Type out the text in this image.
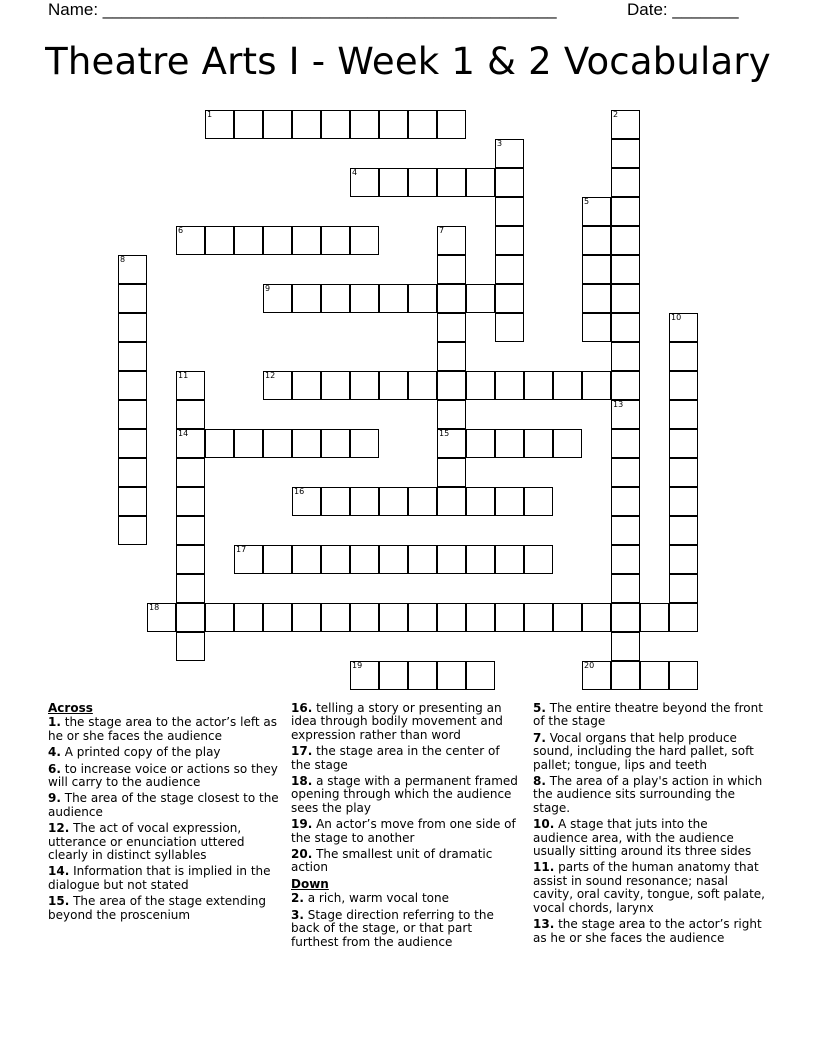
Name: ________________________________________________	Date: _______
Theatre Arts I - Week 1 & 2 Vocabulary
1	2
3
4
5
6	7
15
8
9
10
11
14
12
13
16
17
18
19	20
Across
1. the stage area to the actor’s left as he or she faces the audience
4. A printed copy of the play
6. to increase voice or actions so they will carry to the audience
9. The area of the stage closest to the audience
12. The act of vocal expression, utterance or enunciation uttered clearly in distinct syllables
14. Information that is implied in the dialogue but not stated
15. The area of the stage extending beyond the proscenium
16. telling a story or presenting an idea through bodily movement and expression rather than word
17. the stage area in the center of the stage
18. a stage with a permanent framed opening through which the audience sees the play
19. An actor’s move from one side of the stage to another
20. The smallest unit of dramatic action
Down
2. a rich, warm vocal tone
3. Stage direction referring to the back of the stage, or that part furthest from the audience
5. The entire theatre beyond the front of the stage
7. Vocal organs that help produce sound, including the hard pallet, soft pallet; tongue, lips and teeth
8. The area of a play's action in which the audience sits surrounding the stage.
10. A stage that juts into the audience area, with the audience usually sitting around its three sides
11. parts of the human anatomy that assist in sound resonance; nasal cavity, oral cavity, tongue, soft palate, vocal chords, larynx
13. the stage area to the actor’s right as he or she faces the audience
